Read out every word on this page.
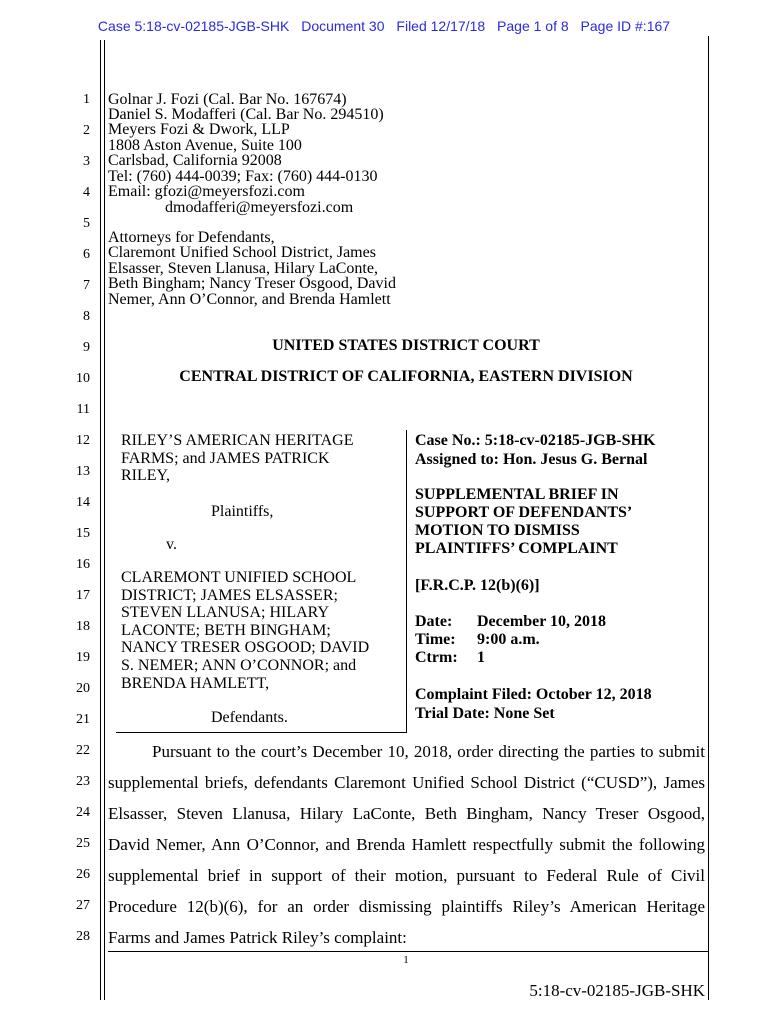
Case 5:18-cv-02185-JGB-SHK Document 30 Filed 12/17/18 Page 1 of 8 Page ID #:167
1
2
3
4
5
6
7
8
9
10
11
12
13
14
15
16
17
18
19
20
21
22
23
24
25
26
27
28
Golnar J. Fozi (Cal. Bar No. 167674)
Daniel S. Modafferi (Cal. Bar No. 294510)
Meyers Fozi & Dwork, LLP
1808 Aston Avenue, Suite 100
Carlsbad, California 92008
Tel: (760) 444-0039; Fax: (760) 444-0130
Email: gfozi@meyersfozi.com
dmodafferi@meyersfozi.com
Attorneys for Defendants,
Claremont Unified School District, James
Elsasser, Steven Llanusa, Hilary LaConte,
Beth Bingham; Nancy Treser Osgood, David
Nemer, Ann O’Connor, and Brenda Hamlett
UNITED STATES DISTRICT COURT
CENTRAL DISTRICT OF CALIFORNIA, EASTERN DIVISION
RILEY’S AMERICAN HERITAGE
FARMS; and JAMES PATRICK
RILEY,
Plaintiffs,
v.
CLAREMONT UNIFIED SCHOOL
DISTRICT; JAMES ELSASSER;
STEVEN LLANUSA; HILARY
LACONTE; BETH BINGHAM;
NANCY TRESER OSGOOD; DAVID
S. NEMER; ANN O’CONNOR; and
BRENDA HAMLETT,
Defendants.
Case No.: 5:18-cv-02185-JGB-SHK
Assigned to: Hon. Jesus G. Bernal
SUPPLEMENTAL BRIEF IN
SUPPORT OF DEFENDANTS’
MOTION TO DISMISS
PLAINTIFFS’ COMPLAINT
[F.R.C.P. 12(b)(6)]
Date: December 10, 2018
Time: 9:00 a.m.
Ctrm: 1
Complaint Filed: October 12, 2018
Trial Date: None Set
Pursuant to the court’s December 10, 2018, order directing the parties to submit
supplemental briefs, defendants Claremont Unified School District (“CUSD”), James
Elsasser, Steven Llanusa, Hilary LaConte, Beth Bingham, Nancy Treser Osgood,
David Nemer, Ann O’Connor, and Brenda Hamlett respectfully submit the following
supplemental brief in support of their motion, pursuant to Federal Rule of Civil
Procedure 12(b)(6), for an order dismissing plaintiffs Riley’s American Heritage
Farms and James Patrick Riley’s complaint:
1
5:18-cv-02185-JGB-SHK
